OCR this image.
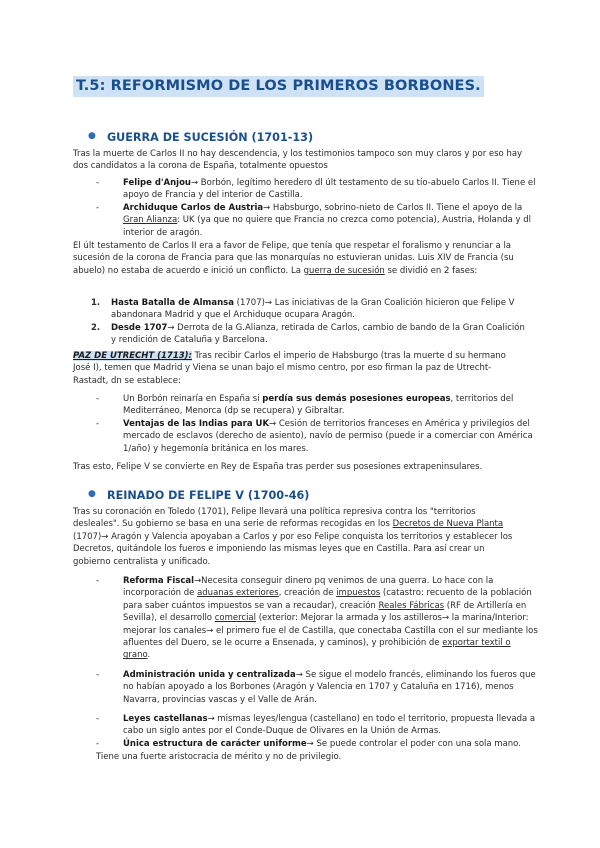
T.5: REFORMISMO DE LOS PRIMEROS BORBONES.
● GUERRA DE SUCESIÓN (1701-13)

Tras la muerte de Carlos II no hay descendencia, y los testimonios tampoco son muy claros y por eso hay dos candidatos a la corona de España, totalmente opuestos

-	Felipe d'Anjou→ Borbón, legítimo heredero dl últ testamento de su tío-abuelo Carlos II. Tiene el apoyo de Francia y del interior de Castilla.
-	Archiduque Carlos de Austria→ Habsburgo, sobrino-nieto de Carlos II. Tiene el apoyo de la Gran Alianza: UK (ya que no quiere que Francia no crezca como potencia), Austria, Holanda y dl interior de aragón.

El últ testamento de Carlos II era a favor de Felipe, que tenía que respetar el foralismo y renunciar a la sucesión de la corona de Francia para que las monarquías no estuvieran unidas. Luis XIV de Francia (su abuelo) no estaba de acuerdo e inició un conflicto. La guerra de sucesión se dividió en 2 fases:

1. Hasta Batalla de Almansa (1707)→ Las iniciativas de la Gran Coalición hicieron que Felipe V abandonara Madrid y que el Archiduque ocupara Aragón.
2. Desde 1707→ Derrota de la G.Alianza, retirada de Carlos, cambio de bando de la Gran Coalición y rendición de Cataluña y Barcelona.

PAZ DE UTRECHT (1713): Tras recibir Carlos el imperio de Habsburgo (tras la muerte d su hermano José I), temen que Madrid y Viena se unan bajo el mismo centro, por eso firman la paz de Utrecht-Rastadt, dn se establece:

-	Un Borbón reinaría en España si perdía sus demás posesiones europeas, territorios del Mediterráneo, Menorca (dp se recupera) y Gibraltar.
-	Ventajas de las Indias para UK→ Cesión de territorios franceses en América y privilegios del mercado de esclavos (derecho de asiento), navío de permiso (puede ir a comerciar con América 1/año) y hegemonía británica en los mares.

Tras esto, Felipe V se convierte en Rey de España tras perder sus posesiones extrapeninsulares.

● REINADO DE FELIPE V (1700-46)

Tras su coronación en Toledo (1701), Felipe llevará una política represiva contra los "territorios desleales". Su gobierno se basa en una serie de reformas recogidas en los Decretos de Nueva Planta (1707)→ Aragón y Valencia apoyaban a Carlos y por eso Felipe conquista los territorios y establecer los Decretos, quitándole los fueros e imponiendo las mismas leyes que en Castilla. Para así crear un gobierno centralista y unificado.

-	Reforma Fiscal→Necesita conseguir dinero pq venimos de una guerra. Lo hace con la incorporación de aduanas exteriores, creación de impuestos (catastro: recuento de la población para saber cuántos impuestos se van a recaudar), creación Reales Fábricas (RF de Artillería en Sevilla), el desarrollo comercial (exterior: Mejorar la armada y los astilleros→ la marina/Interior: mejorar los canales→ el primero fue el de Castilla, que conectaba Castilla con el sur mediante los afluentes del Duero, se le ocurre a Ensenada, y caminos), y prohibición de exportar textil o grano.
-	Administración unida y centralizada→ Se sigue el modelo francés, eliminando los fueros que no habían apoyado a los Borbones (Aragón y Valencia en 1707 y Cataluña en 1716), menos Navarra, provincias vascas y el Valle de Arán.
-	Leyes castellanas→ mismas leyes/lengua (castellano) en todo el territorio, propuesta llevada a cabo un siglo antes por el Conde-Duque de Olivares en la Unión de Armas.
-	Única estructura de carácter uniforme→ Se puede controlar el poder con una sola mano.

Tiene una fuerte aristocracia de mérito y no de privilegio.
